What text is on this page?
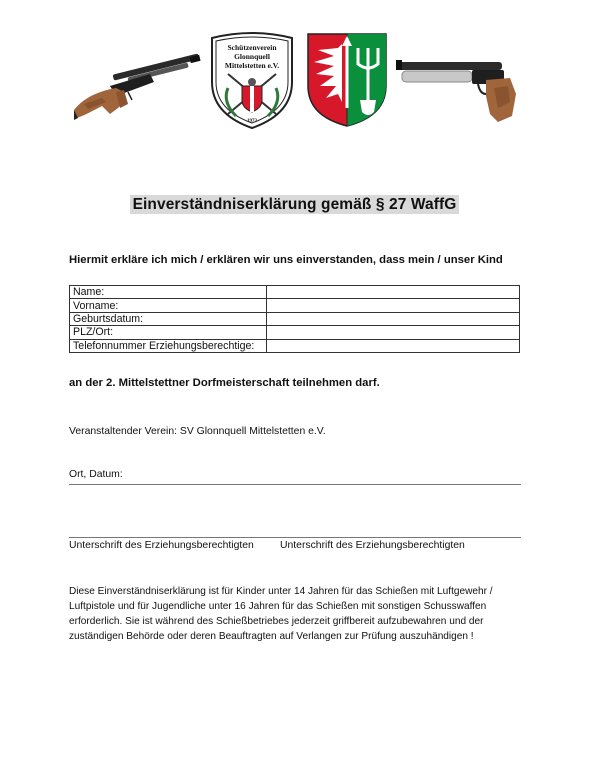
Schützenverein
Glonnquell
Mittelstetten e.V.
1973
Einverständniserklärung gemäß § 27 WaffG
Hiermit erkläre ich mich / erklären wir uns einverstanden, dass mein / unser Kind
Name:	
Vorname:	
Geburtsdatum:	
PLZ/Ort:	
Telefonnummer Erziehungsberechtige:	
an der 2. Mittelstettner Dorfmeisterschaft teilnehmen darf.
Veranstaltender Verein: SV Glonnquell Mittelstetten e.V.
Ort, Datum:
Unterschrift des Erziehungsberechtigten	Unterschrift des Erziehungsberechtigten

Diese Einverständniserklärung ist für Kinder unter 14 Jahren für das Schießen mit Luftgewehr /

Luftpistole und für Jugendliche unter 16 Jahren für das Schießen mit sonstigen Schusswaffen

erforderlich. Sie ist während des Schießbetriebes jederzeit griffbereit aufzubewahren und der

zuständigen Behörde oder deren Beauftragten auf Verlangen zur Prüfung auszuhändigen !
